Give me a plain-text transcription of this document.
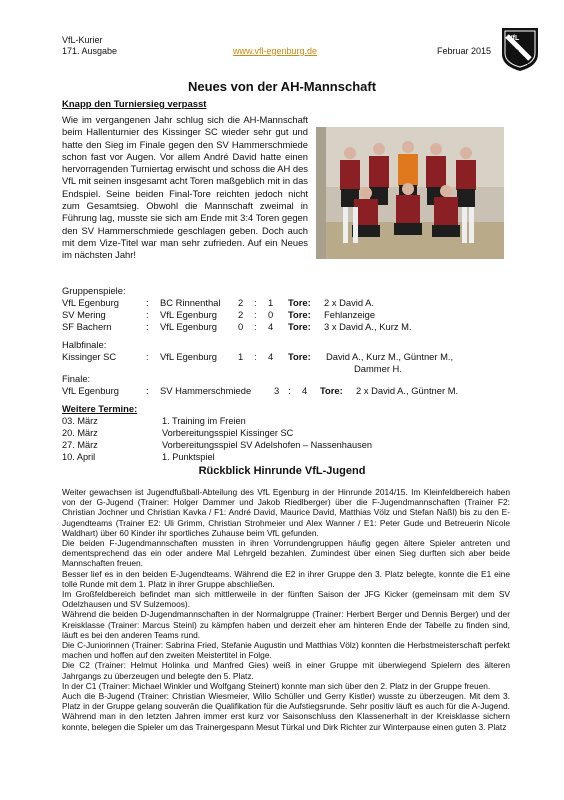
VfL-Kurier
171. Ausgabe	www.vfl-egenburg.de	Februar 2015
VfL
Egenburg
Neues von der AH-Mannschaft
Knapp den Turniersieg verpasst
Wie im vergangenen Jahr schlug sich die AH-Mannschaft beim Hallenturnier des Kissinger SC wieder sehr gut und hatte den Sieg im Finale gegen den SV Hammerschmiede schon fast vor Augen. Vor allem André David hatte einen hervorragenden Turniertag erwischt und schoss die AH des VfL mit seinen insgesamt acht Toren maßgeblich mit in das Endspiel. Seine beiden Final-Tore reichten jedoch nicht zum Gesamtsieg. Obwohl die Mannschaft zweimal in Führung lag, musste sie sich am Ende mit 3:4 Toren gegen den SV Hammerschmiede geschlagen geben. Doch auch mit dem Vize-Titel war man sehr zufrieden. Auf ein Neues im nächsten Jahr!
Gruppenspiele:
VfL Egenburg	: BC Rinnenthal 2 : 1 Tore: 2 x David A.
SV Mering	: VfL Egenburg 2 : 0 Tore: Fehlanzeige
SF Bachern	: VfL Egenburg 0 : 4 Tore: 3 x David A., Kurz M.
Halbfinale:
Kissinger SC	: VfL Egenburg 1 : 4 Tore: David A., Kurz M., Güntner M.,
Dammer H.
Finale:
VfL Egenburg	: SV Hammerschmiede 3 : 4 Tore: 2 x David A., Güntner M.
Weitere Termine:
03. März	1. Training im Freien
20. März	Vorbereitungsspiel Kissinger SC
27. März	Vorbereitungsspiel SV Adelshofen – Nassenhausen
10. April	1. Punktspiel
Rückblick Hinrunde VfL-Jugend

Weiter gewachsen ist Jugendfußball-Abteilung des VfL Egenburg in der Hinrunde 2014/15. Im Kleinfeldbereich haben von der G-Jugend (Trainer: Holger Dammer und Jakob Riedlberger) über die F-Jugendmannschaften (Trainer F2: Christian Jochner und Christian Kavka / F1: André David, Maurice David, Matthias Völz und Stefan Naßl) bis zu den E-Jugendteams (Trainer E2: Uli Grimm, Christian Strohmeier und Alex Wanner / E1: Peter Gude und Betreuerin Nicole Waldhart) über 60 Kinder ihr sportliches Zuhause beim VfL gefunden.

Die beiden F-Jugendmannschaften mussten in ihren Vorrundengruppen häufig gegen ältere Spieler antreten und dementsprechend das ein oder andere Mal Lehrgeld bezahlen. Zumindest über einen Sieg durften sich aber beide Mannschaften freuen.

Besser lief es in den beiden E-Jugendteams. Während die E2 in ihrer Gruppe den 3. Platz belegte, konnte die E1 eine tolle Runde mit dem 1. Platz in ihrer Gruppe abschließen.

Im Großfeldbereich befindet man sich mittlerweile in der fünften Saison der JFG Kicker (gemeinsam mit dem SV Odelzhausen und SV Sulzemoos).

Während die beiden D-Jugendmannschaften in der Normalgruppe (Trainer: Herbert Berger und Dennis Berger) und der Kreisklasse (Trainer: Marcus Steinl) zu kämpfen haben und derzeit eher am hinteren Ende der Tabelle zu finden sind, läuft es bei den anderen Teams rund.

Die C-Juniorinnen (Trainer: Sabrina Fried, Stefanie Augustin und Matthias Völz) konnten die Herbstmeisterschaft perfekt machen und hoffen auf den zweiten Meistertitel in Folge.

Die C2 (Trainer: Helmut Holinka und Manfred Gies) weiß in einer Gruppe mit überwiegend Spielern des älteren Jahrgangs zu überzeugen und belegte den 5. Platz.

In der C1 (Trainer: Michael Winkler und Wolfgang Steinert) konnte man sich über den 2. Platz in der Gruppe freuen.

Auch die B-Jugend (Trainer: Christian Wiesmeier, Willo Schüller und Gerry Kistler) wusste zu überzeugen. Mit dem 3. Platz in der Gruppe gelang souverän die Qualifikation für die Aufstiegsrunde. Sehr positiv läuft es auch für die A-Jugend. Während man in den letzten Jahren immer erst kurz vor Saisonschluss den Klassenerhalt in der Kreisklasse sichern konnte, belegen die Spieler um das Trainergespann Mesut Türkal und Dirk Richter zur Winterpause einen guten 3. Platz
